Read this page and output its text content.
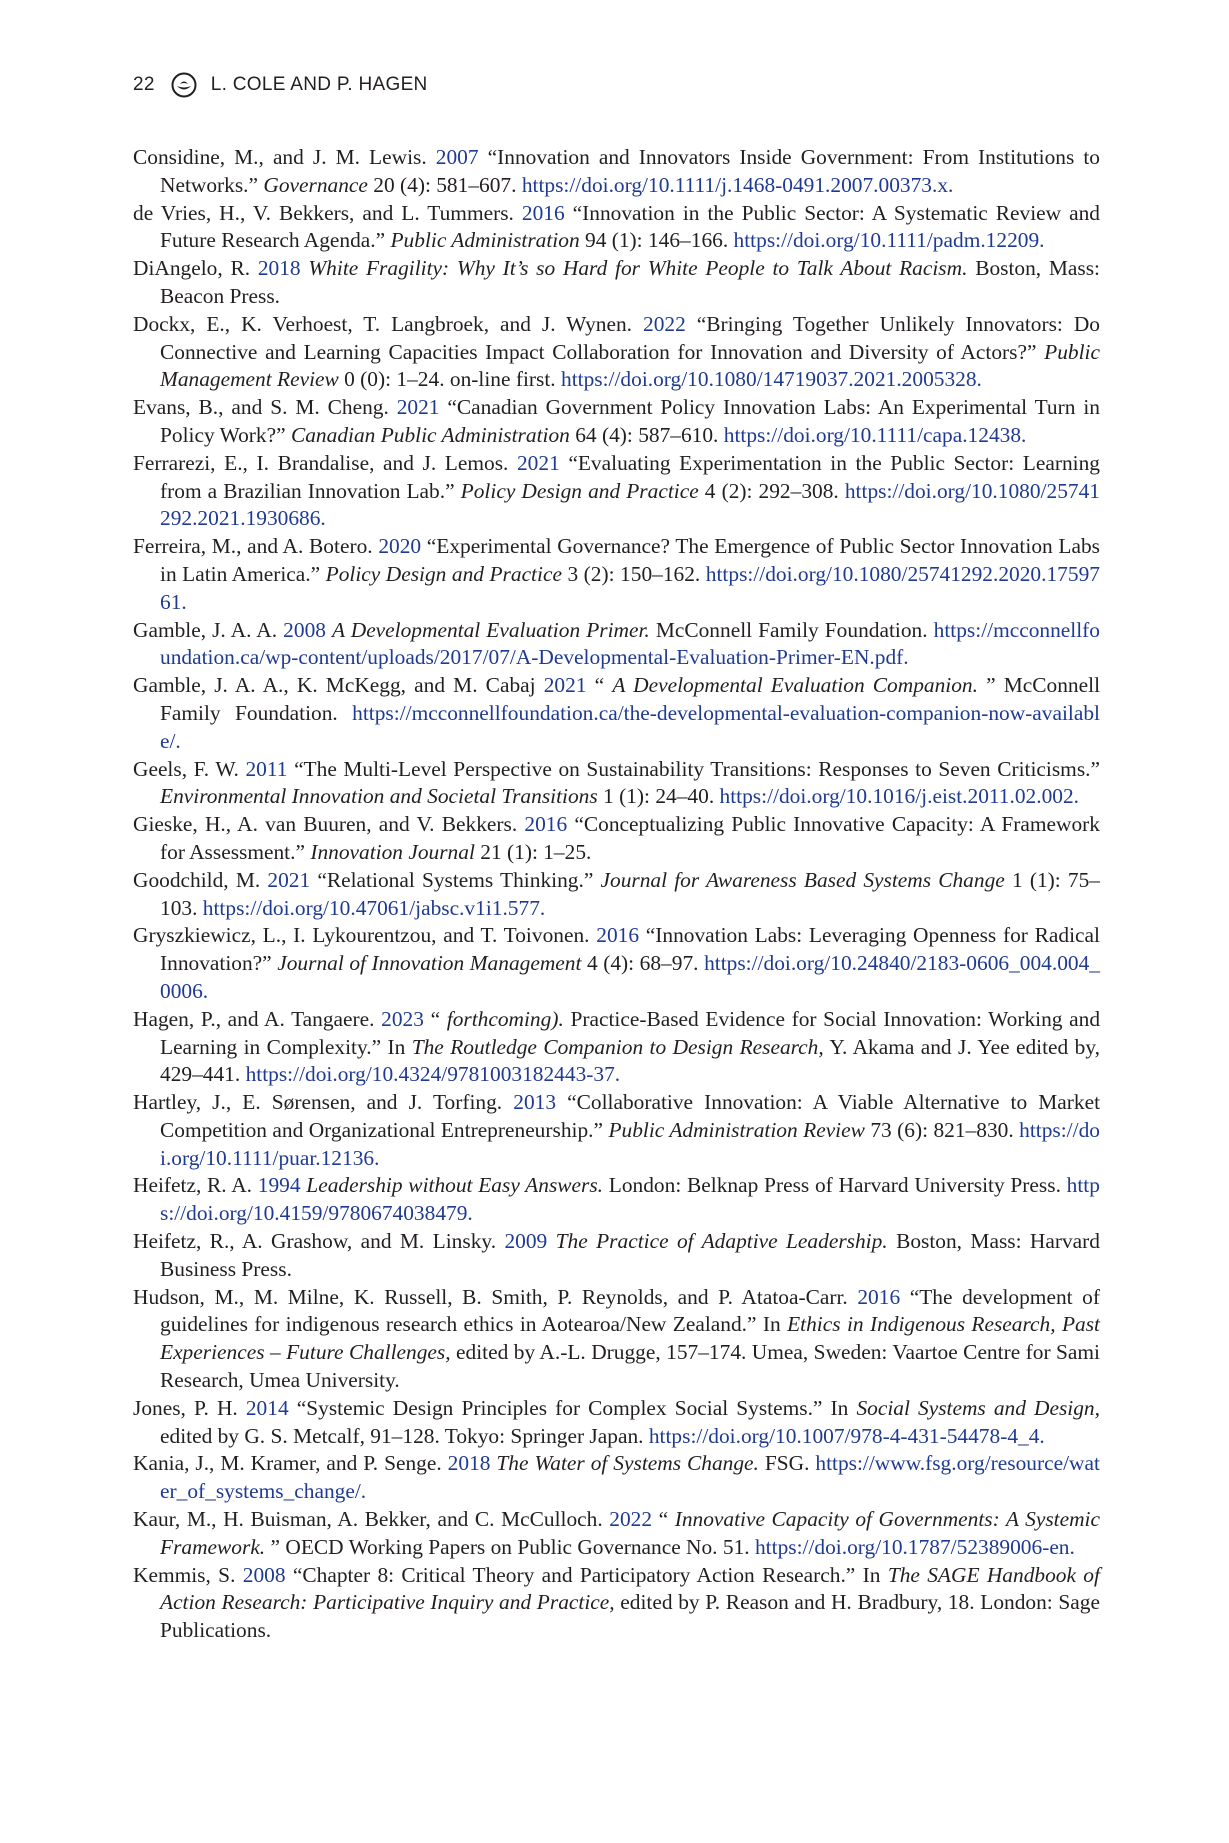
22	L. COLE AND P. HAGEN

Considine, M., and J. M. Lewis. 2007 “Innovation and Innovators Inside Government: From Institutions to Networks.” Governance 20 (4): 581–607. https://doi.org/10.1111/j.1468-0491.2007.00373.x.

de Vries, H., V. Bekkers, and L. Tummers. 2016 “Innovation in the Public Sector: A Systematic Review and Future Research Agenda.” Public Administration 94 (1): 146–166. https://doi.org/10.1111/padm.12209.

DiAngelo, R. 2018 White Fragility: Why It’s so Hard for White People to Talk About Racism. Boston, Mass: Beacon Press.

Dockx, E., K. Verhoest, T. Langbroek, and J. Wynen. 2022 “Bringing Together Unlikely Innovators: Do Connective and Learning Capacities Impact Collaboration for Innovation and Diversity of Actors?” Public Management Review 0 (0): 1–24. on-line first. https://doi.org/10.1080/14719037.2021.2005328.

Evans, B., and S. M. Cheng. 2021 “Canadian Government Policy Innovation Labs: An Experimental Turn in Policy Work?” Canadian Public Administration 64 (4): 587–610. https://doi.org/10.1111/capa.12438.

Ferrarezi, E., I. Brandalise, and J. Lemos. 2021 “Evaluating Experimentation in the Public Sector: Learning from a Brazilian Innovation Lab.” Policy Design and Practice 4 (2): 292–308. https://doi.org/10.1080/25741292.2021.1930686.

Ferreira, M., and A. Botero. 2020 “Experimental Governance? The Emergence of Public Sector Innovation Labs in Latin America.” Policy Design and Practice 3 (2): 150–162. https://doi.org/10.1080/25741292.2020.1759761.

Gamble, J. A. A. 2008 A Developmental Evaluation Primer. McConnell Family Foundation. https://mcconnellfoundation.ca/wp-content/uploads/2017/07/A-Developmental-Evaluation-Primer-EN.pdf.

Gamble, J. A. A., K. McKegg, and M. Cabaj 2021 “ A Developmental Evaluation Companion. ” McConnell Family Foundation. https://mcconnellfoundation.ca/the-developmental-evaluation-companion-now-available/.

Geels, F. W. 2011 “The Multi-Level Perspective on Sustainability Transitions: Responses to Seven Criticisms.” Environmental Innovation and Societal Transitions 1 (1): 24–40. https://doi.org/10.1016/j.eist.2011.02.002.

Gieske, H., A. van Buuren, and V. Bekkers. 2016 “Conceptualizing Public Innovative Capacity: A Framework for Assessment.” Innovation Journal 21 (1): 1–25.

Goodchild, M. 2021 “Relational Systems Thinking.” Journal for Awareness Based Systems Change 1 (1): 75–103. https://doi.org/10.47061/jabsc.v1i1.577.

Gryszkiewicz, L., I. Lykourentzou, and T. Toivonen. 2016 “Innovation Labs: Leveraging Openness for Radical Innovation?” Journal of Innovation Management 4 (4): 68–97. https://doi.org/10.24840/2183-0606_004.004_0006.

Hagen, P., and A. Tangaere. 2023 “ forthcoming). Practice-Based Evidence for Social Innovation: Working and Learning in Complexity.” In The Routledge Companion to Design Research, Y. Akama and J. Yee edited by, 429–441. https://doi.org/10.4324/9781003182443-37.

Hartley, J., E. Sørensen, and J. Torfing. 2013 “Collaborative Innovation: A Viable Alternative to Market Competition and Organizational Entrepreneurship.” Public Administration Review 73 (6): 821–830. https://doi.org/10.1111/puar.12136.

Heifetz, R. A. 1994 Leadership without Easy Answers. London: Belknap Press of Harvard University Press. https://doi.org/10.4159/9780674038479.

Heifetz, R., A. Grashow, and M. Linsky. 2009 The Practice of Adaptive Leadership. Boston, Mass: Harvard Business Press.

Hudson, M., M. Milne, K. Russell, B. Smith, P. Reynolds, and P. Atatoa-Carr. 2016 “The development of guidelines for indigenous research ethics in Aotearoa/New Zealand.” In Ethics in Indigenous Research, Past Experiences – Future Challenges, edited by A.-L. Drugge, 157–174. Umea, Sweden: Vaartoe Centre for Sami Research, Umea University.

Jones, P. H. 2014 “Systemic Design Principles for Complex Social Systems.” In Social Systems and Design, edited by G. S. Metcalf, 91–128. Tokyo: Springer Japan. https://doi.org/10.1007/978-4-431-54478-4_4.

Kania, J., M. Kramer, and P. Senge. 2018 The Water of Systems Change. FSG. https://www.fsg.org/resource/water_of_systems_change/.

Kaur, M., H. Buisman, A. Bekker, and C. McCulloch. 2022 “ Innovative Capacity of Governments: A Systemic Framework. ” OECD Working Papers on Public Governance No. 51. https://doi.org/10.1787/52389006-en.

Kemmis, S. 2008 “Chapter 8: Critical Theory and Participatory Action Research.” In The SAGE Handbook of Action Research: Participative Inquiry and Practice, edited by P. Reason and H. Bradbury, 18. London: Sage Publications.
